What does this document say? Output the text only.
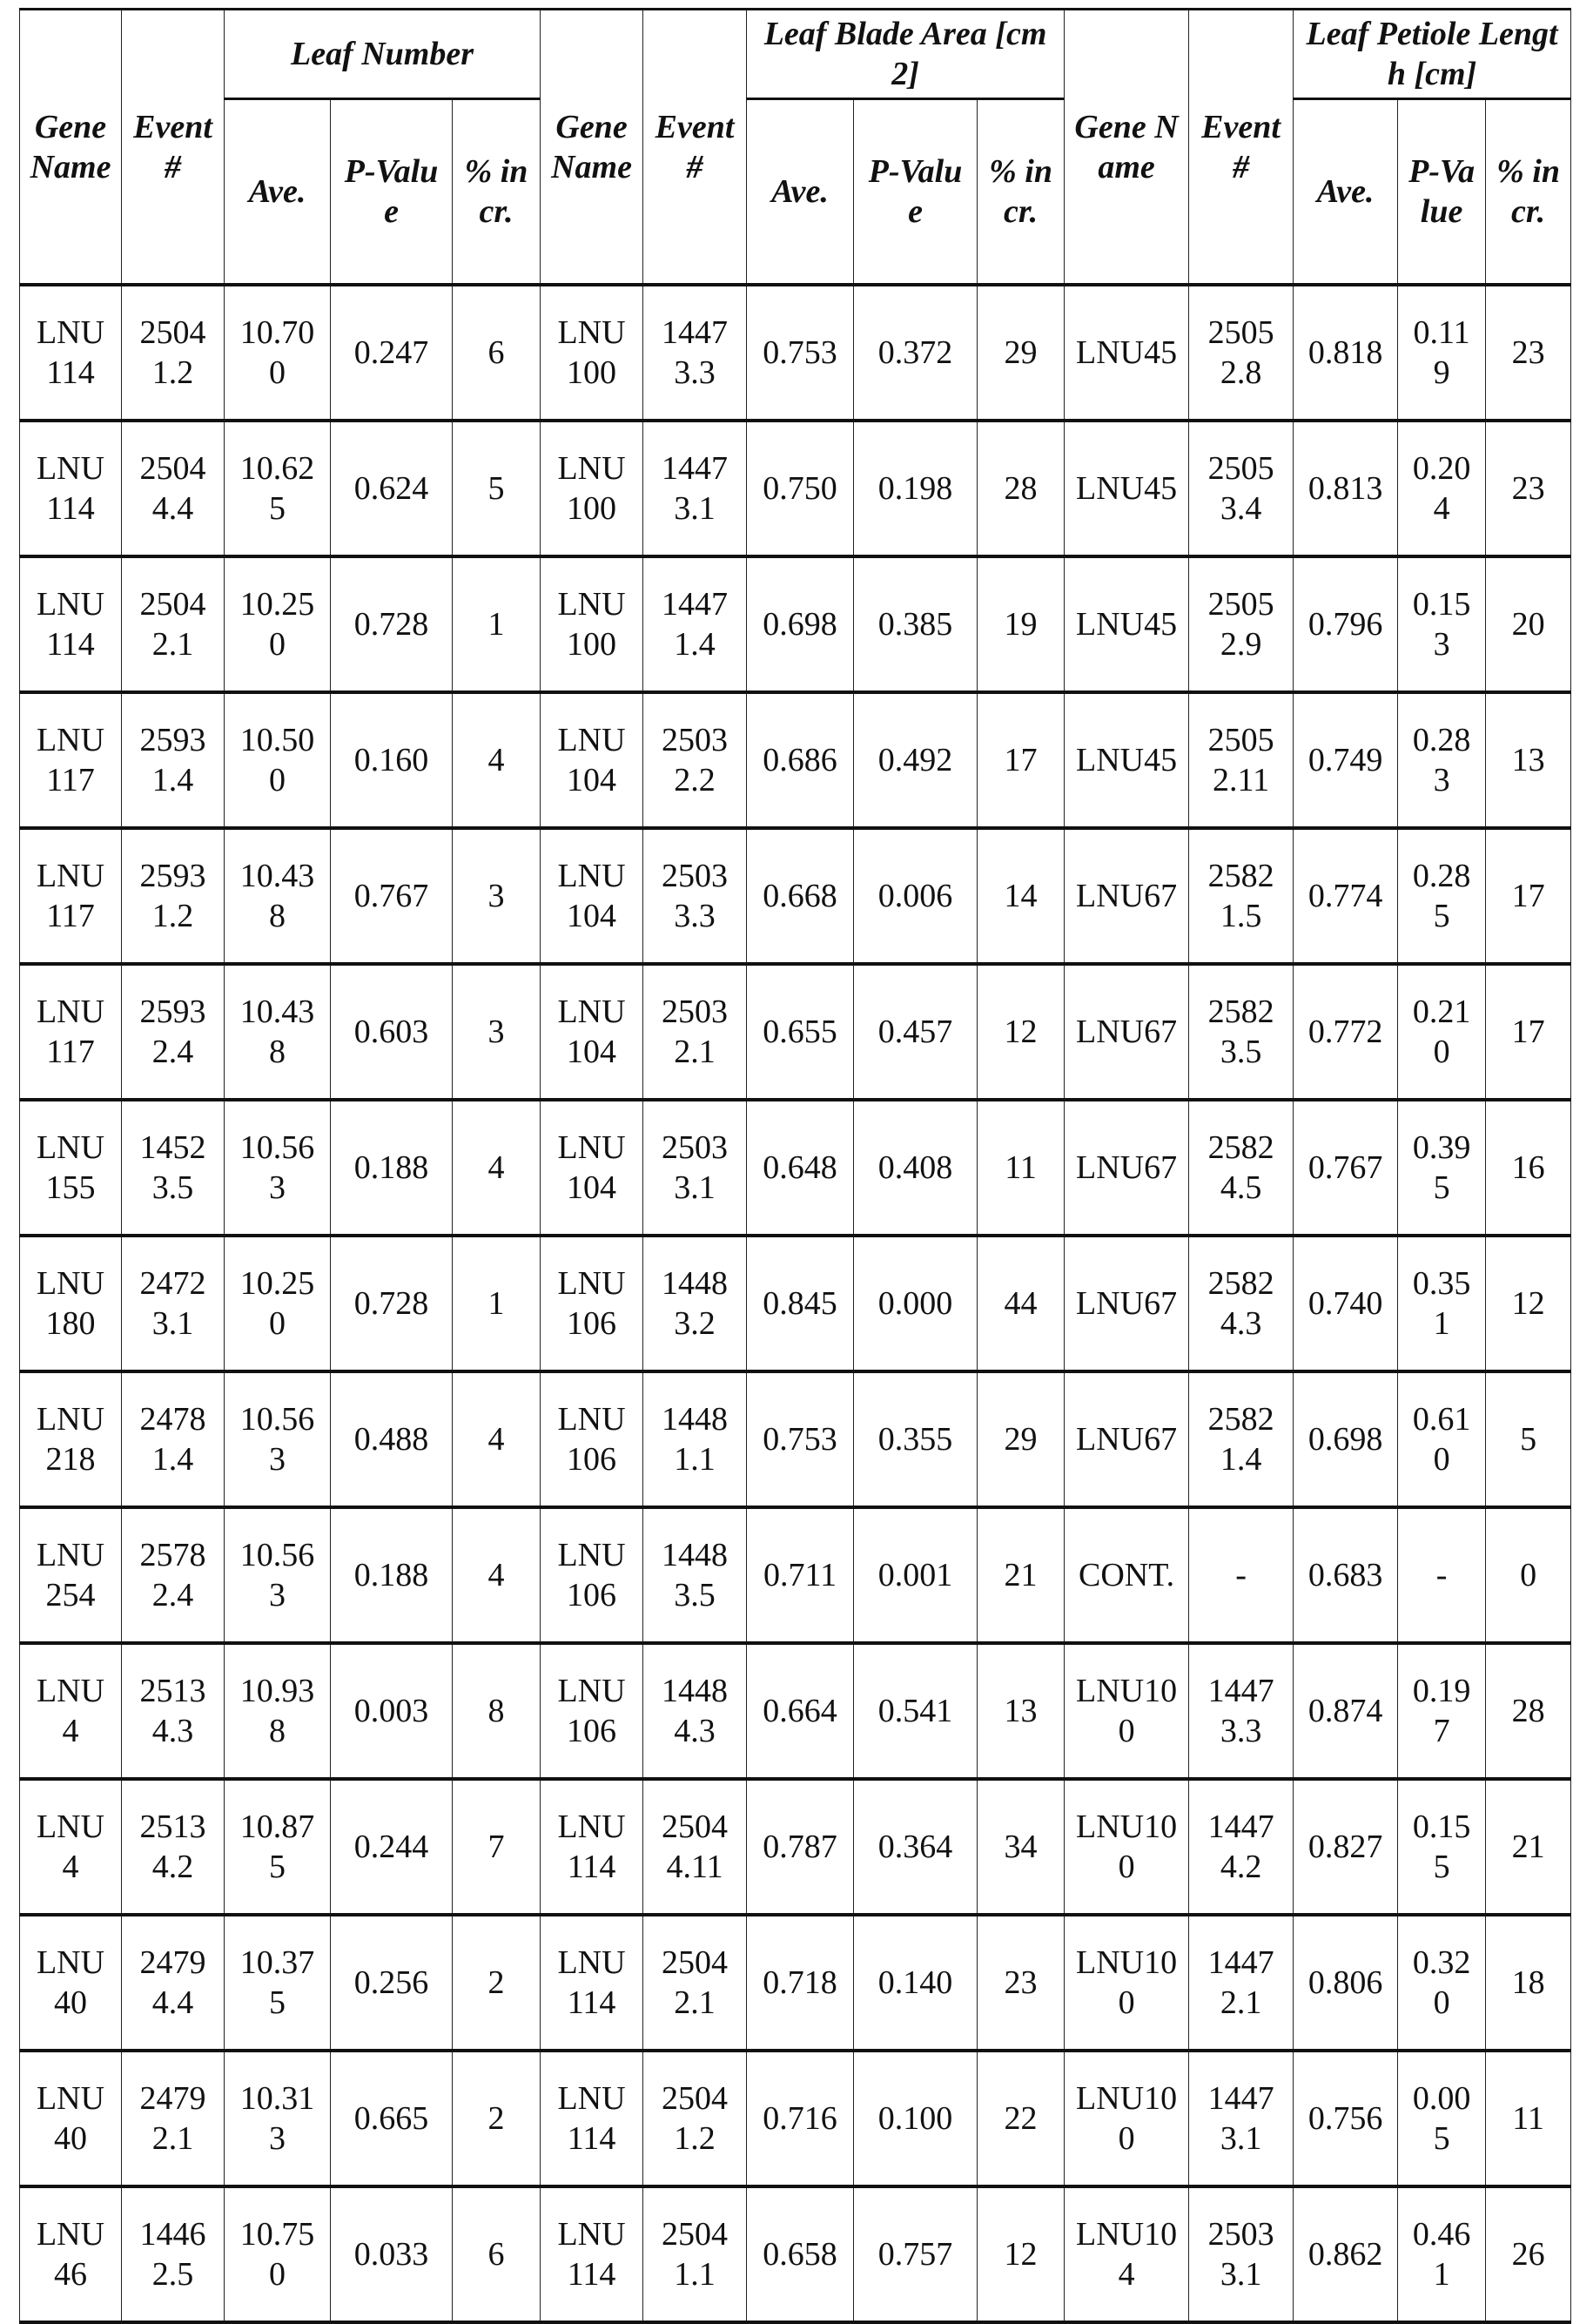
Gene Name	Event #	Leaf Number	Gene Name	Event #	Leaf Blade Area [cm2]	Gene Name	Event #	Leaf Petiole Length [cm]
Ave.	P-Value	% incr.	Ave.	P-Value	% incr.	Ave.	P-Value	% incr.
LNU114	25041.2	10.700	0.247	6	LNU100	14473.3	0.753	0.372	29	LNU45	25052.8	0.818	0.119	23
LNU114	25044.4	10.625	0.624	5	LNU100	14473.1	0.750	0.198	28	LNU45	25053.4	0.813	0.204	23
LNU114	25042.1	10.250	0.728	1	LNU100	14471.4	0.698	0.385	19	LNU45	25052.9	0.796	0.153	20
LNU117	25931.4	10.500	0.160	4	LNU104	25032.2	0.686	0.492	17	LNU45	25052.11	0.749	0.283	13
LNU117	25931.2	10.438	0.767	3	LNU104	25033.3	0.668	0.006	14	LNU67	25821.5	0.774	0.285	17
LNU117	25932.4	10.438	0.603	3	LNU104	25032.1	0.655	0.457	12	LNU67	25823.5	0.772	0.210	17
LNU155	14523.5	10.563	0.188	4	LNU104	25033.1	0.648	0.408	11	LNU67	25824.5	0.767	0.395	16
LNU180	24723.1	10.250	0.728	1	LNU106	14483.2	0.845	0.000	44	LNU67	25824.3	0.740	0.351	12
LNU218	24781.4	10.563	0.488	4	LNU106	14481.1	0.753	0.355	29	LNU67	25821.4	0.698	0.610	5
LNU254	25782.4	10.563	0.188	4	LNU106	14483.5	0.711	0.001	21	CONT.	-	0.683	-	0
LNU4	25134.3	10.938	0.003	8	LNU106	14484.3	0.664	0.541	13	LNU100	14473.3	0.874	0.197	28
LNU4	25134.2	10.875	0.244	7	LNU114	25044.11	0.787	0.364	34	LNU100	14474.2	0.827	0.155	21
LNU40	24794.4	10.375	0.256	2	LNU114	25042.1	0.718	0.140	23	LNU100	14472.1	0.806	0.320	18
LNU40	24792.1	10.313	0.665	2	LNU114	25041.2	0.716	0.100	22	LNU100	14473.1	0.756	0.005	11
LNU46	14462.5	10.750	0.033	6	LNU114	25041.1	0.658	0.757	12	LNU104	25033.1	0.862	0.461	26
